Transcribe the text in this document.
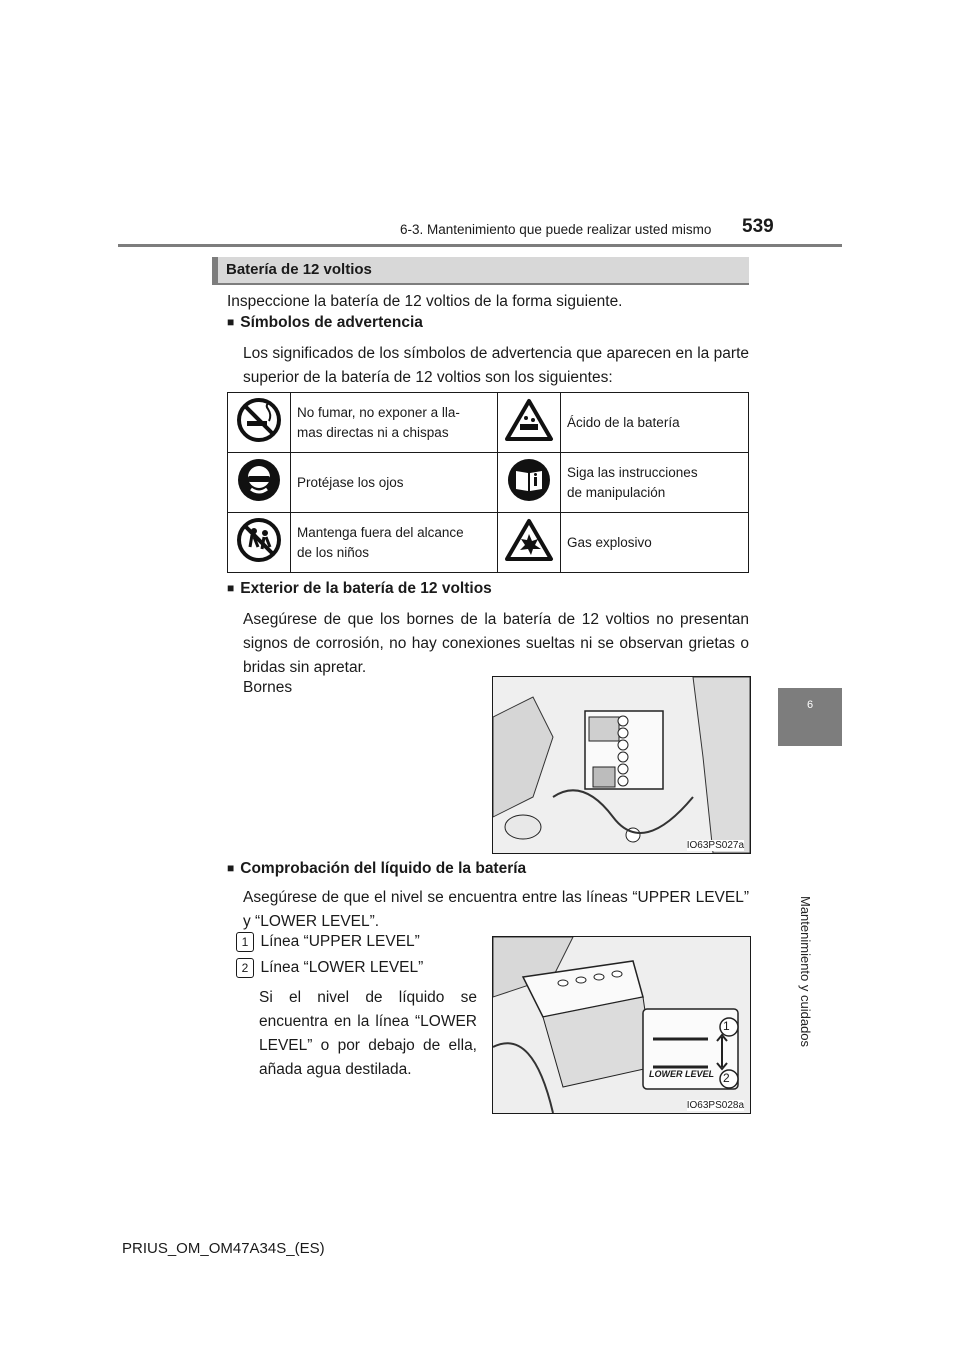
6-3. Mantenimiento que puede realizar usted mismo 539
6
Mantenimiento y cuidados
Batería de 12 voltios
Inspeccione la batería de 12 voltios de la forma siguiente.
■ Símbolos de advertencia
Los significados de los símbolos de advertencia que aparecen en la parte superior de la batería de 12 voltios son los siguientes:
	No fumar, no exponer a lla-
mas directas ni a chispas		Ácido de la batería
	Protéjase los ojos		Siga las instrucciones
de manipulación
	Mantenga fuera del alcance
de los niños		Gas explosivo
■ Exterior de la batería de 12 voltios
Asegúrese de que los bornes de la batería de 12 voltios no presentan signos de corrosión, no hay conexiones sueltas ni se observan grietas o bridas sin apretar.
Bornes
IO63PS027a
■ Comprobación del líquido de la batería
Asegúrese de que el nivel se encuentra entre las líneas “UPPER LEVEL” y “LOWER LEVEL”.
1 Línea “UPPER LEVEL”
2 Línea “LOWER LEVEL”
Si el nivel de líquido se encuentra en la línea “LOWER LEVEL” o por debajo de ella, añada agua destilada.	LOWER LEVEL
1
2
IO63PS028a
PRIUS_OM_OM47A34S_(ES)
